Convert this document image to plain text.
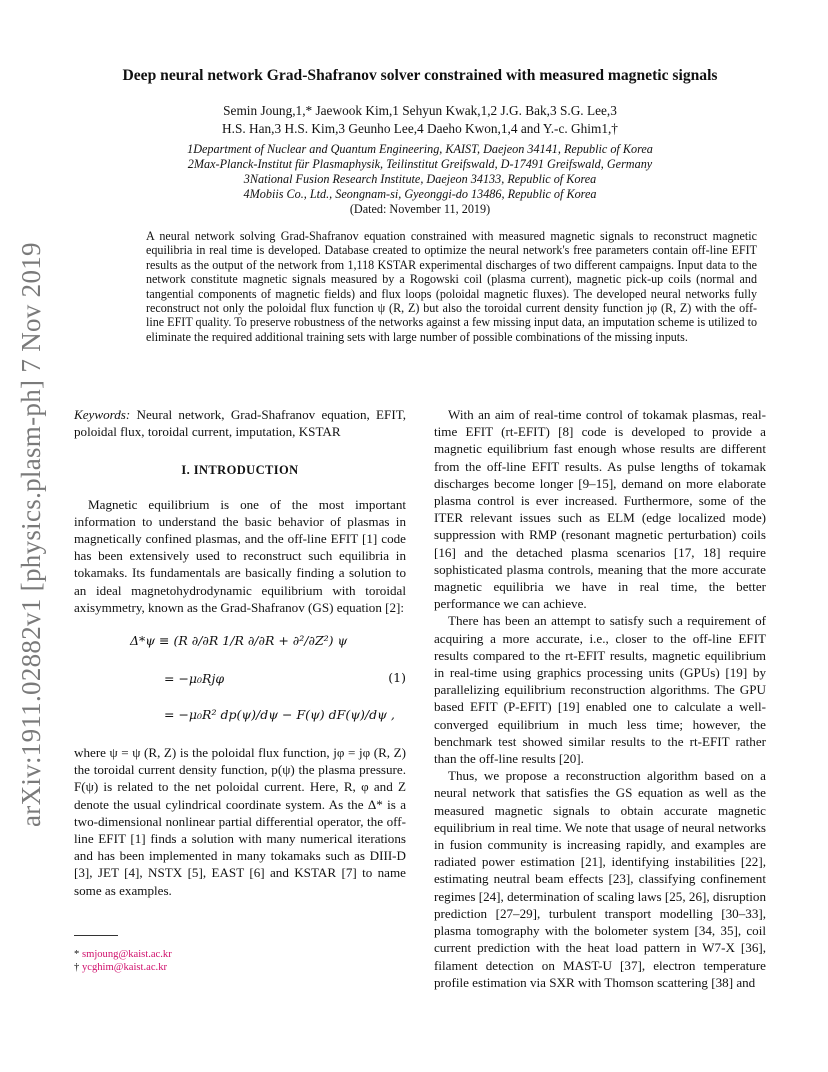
arXiv:1911.02882v1 [physics.plasm-ph] 7 Nov 2019
Deep neural network Grad-Shafranov solver constrained with measured magnetic signals
Semin Joung,1,* Jaewook Kim,1 Sehyun Kwak,1,2 J.G. Bak,3 S.G. Lee,3
H.S. Han,3 H.S. Kim,3 Geunho Lee,4 Daeho Kwon,1,4 and Y.-c. Ghim1,†
1Department of Nuclear and Quantum Engineering, KAIST, Daejeon 34141, Republic of Korea
2Max-Planck-Institut für Plasmaphysik, Teilinstitut Greifswald, D-17491 Greifswald, Germany
3National Fusion Research Institute, Daejeon 34133, Republic of Korea
4Mobiis Co., Ltd., Seongnam-si, Gyeonggi-do 13486, Republic of Korea
(Dated: November 11, 2019)
A neural network solving Grad-Shafranov equation constrained with measured magnetic signals to reconstruct magnetic equilibria in real time is developed. Database created to optimize the neural network's free parameters contain off-line EFIT results as the output of the network from 1,118 KSTAR experimental discharges of two different campaigns. Input data to the network constitute magnetic signals measured by a Rogowski coil (plasma current), magnetic pick-up coils (normal and tangential components of magnetic fields) and flux loops (poloidal magnetic fluxes). The developed neural networks fully reconstruct not only the poloidal flux function ψ (R, Z) but also the toroidal current density function jφ (R, Z) with the off-line EFIT quality. To preserve robustness of the networks against a few missing input data, an imputation scheme is utilized to eliminate the required additional training sets with large number of possible combinations of the missing inputs.

Keywords: Neural network, Grad-Shafranov equation, EFIT, poloidal flux, toroidal current, imputation, KSTAR

I. INTRODUCTION

Magnetic equilibrium is one of the most important information to understand the basic behavior of plasmas in magnetically confined plasmas, and the off-line EFIT [1] code has been extensively used to reconstruct such equilibria in tokamaks. Its fundamentals are basically finding a solution to an ideal magnetohydrodynamic equilibrium with toroidal axisymmetry, known as the Grad-Shafranov (GS) equation [2]:

Δ*ψ ≡ (R ∂/∂R 1/R ∂/∂R + ∂²/∂Z²) ψ
= −μ₀Rjφ
= −μ₀R² dp(ψ)/dψ − F(ψ) dF(ψ)/dψ ,
(1)

where ψ = ψ (R, Z) is the poloidal flux function, jφ = jφ (R, Z) the toroidal current density function, p(ψ) the plasma pressure. F(ψ) is related to the net poloidal current. Here, R, φ and Z denote the usual cylindrical coordinate system. As the Δ* is a two-dimensional nonlinear partial differential operator, the off-line EFIT [1] finds a solution with many numerical iterations and has been implemented in many tokamaks such as DIII-D [3], JET [4], NSTX [5], EAST [6] and KSTAR [7] to name some as examples.

* smjoung@kaist.ac.kr
† ycghim@kaist.ac.kr

With an aim of real-time control of tokamak plasmas, real-time EFIT (rt-EFIT) [8] code is developed to provide a magnetic equilibrium fast enough whose results are different from the off-line EFIT results. As pulse lengths of tokamak discharges become longer [9–15], demand on more elaborate plasma control is ever increased. Furthermore, some of the ITER relevant issues such as ELM (edge localized mode) suppression with RMP (resonant magnetic perturbation) coils [16] and the detached plasma scenarios [17, 18] require sophisticated plasma controls, meaning that the more accurate magnetic equilibria we have in real time, the better performance we can achieve.

There has been an attempt to satisfy such a requirement of acquiring a more accurate, i.e., closer to the off-line EFIT results compared to the rt-EFIT results, magnetic equilibrium in real-time using graphics processing units (GPUs) [19] by parallelizing equilibrium reconstruction algorithms. The GPU based EFIT (P-EFIT) [19] enabled one to calculate a well-converged equilibrium in much less time; however, the benchmark test showed similar results to the rt-EFIT rather than the off-line results [20].

Thus, we propose a reconstruction algorithm based on a neural network that satisfies the GS equation as well as the measured magnetic signals to obtain accurate magnetic equilibrium in real time. We note that usage of neural networks in fusion community is increasing rapidly, and examples are radiated power estimation [21], identifying instabilities [22], estimating neutral beam effects [23], classifying confinement regimes [24], determination of scaling laws [25, 26], disruption prediction [27–29], turbulent transport modelling [30–33], plasma tomography with the bolometer system [34, 35], coil current prediction with the heat load pattern in W7-X [36], filament detection on MAST-U [37], electron temperature profile estimation via SXR with Thomson scattering [38] and
